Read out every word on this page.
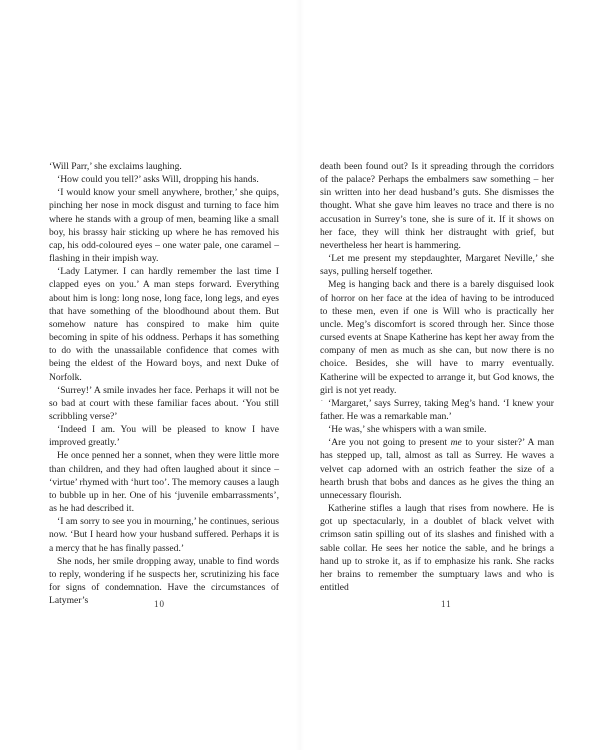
‘Will Parr,’ she exclaims laughing.

‘How could you tell?’ asks Will, dropping his hands.

‘I would know your smell anywhere, brother,’ she quips, pinching her nose in mock disgust and turning to face him where he stands with a group of men, beaming like a small boy, his brassy hair sticking up where he has removed his cap, his odd-coloured eyes – one water pale, one caramel – flashing in their impish way.

‘Lady Latymer. I can hardly remember the last time I clapped eyes on you.’ A man steps forward. Everything about him is long: long nose, long face, long legs, and eyes that have something of the bloodhound about them. But somehow nature has conspired to make him quite becoming in spite of his oddness. Perhaps it has something to do with the unassailable confidence that comes with being the eldest of the Howard boys, and next Duke of Norfolk.

‘Surrey!’ A smile invades her face. Perhaps it will not be so bad at court with these familiar faces about. ‘You still scribbling verse?’

‘Indeed I am. You will be pleased to know I have improved greatly.’

He once penned her a sonnet, when they were little more than children, and they had often laughed about it since – ‘virtue’ rhymed with ‘hurt too’. The memory causes a laugh to bubble up in her. One of his ‘juvenile embarrassments’, as he had described it.

‘I am sorry to see you in mourning,’ he continues, serious now. ‘But I heard how your husband suffered. Perhaps it is a mercy that he has finally passed.’

She nods, her smile dropping away, unable to find words to reply, wondering if he suspects her, scrutinizing his face for signs of condemnation. Have the circumstances of Latymer’s	10

death been found out? Is it spreading through the corridors of the palace? Perhaps the embalmers saw something – her sin written into her dead husband’s guts. She dismisses the thought. What she gave him leaves no trace and there is no accusation in Surrey’s tone, she is sure of it. If it shows on her face, they will think her distraught with grief, but nevertheless her heart is hammering.

‘Let me present my stepdaughter, Margaret Neville,’ she says, pulling herself together.

Meg is hanging back and there is a barely disguised look of horror on her face at the idea of having to be introduced to these men, even if one is Will who is practically her uncle. Meg’s discomfort is scored through her. Since those cursed events at Snape Katherine has kept her away from the company of men as much as she can, but now there is no choice. Besides, she will have to marry eventually. Katherine will be expected to arrange it, but God knows, the girl is not yet ready.

‘Margaret,’ says Surrey, taking Meg’s hand. ‘I knew your father. He was a remarkable man.’

‘He was,’ she whispers with a wan smile.

‘Are you not going to present me to your sister?’ A man has stepped up, tall, almost as tall as Surrey. He waves a velvet cap adorned with an ostrich feather the size of a hearth brush that bobs and dances as he gives the thing an unnecessary flourish.

Katherine stifles a laugh that rises from nowhere. He is got up spectacularly, in a doublet of black velvet with crimson satin spilling out of its slashes and finished with a sable collar. He sees her notice the sable, and he brings a hand up to stroke it, as if to emphasize his rank. She racks her brains to remember the sumptuary laws and who is entitled

.
11
